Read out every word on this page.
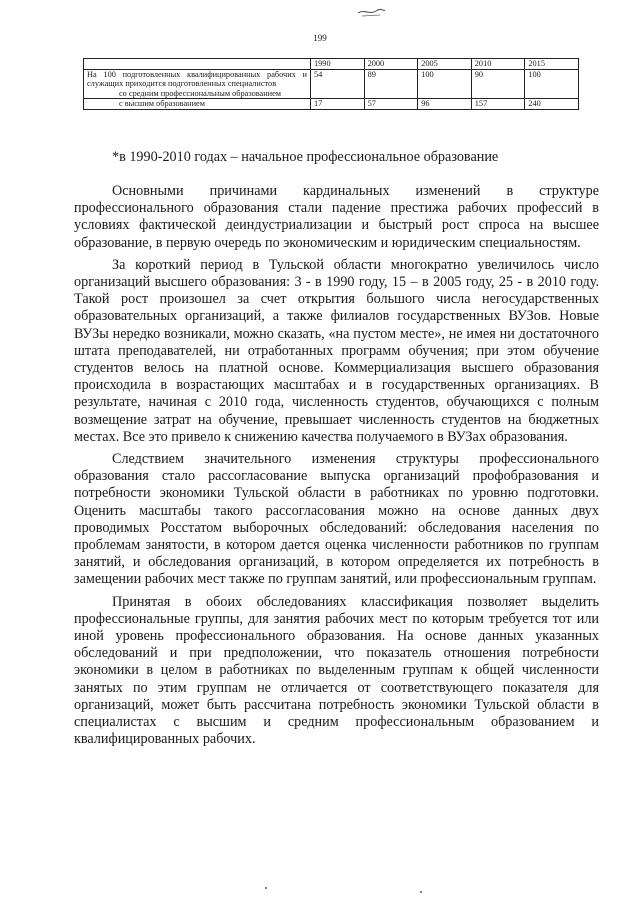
199
	1990	2000	2005	2010	2015

На 100 подготовленных квалифицированных рабочих и служащих приходится подготовленных специалистов
со средним профессиональным образованием	54	89	100	90	100

с высшим образованием	17	57	96	157	240
*в 1990-2010 годах – начальное профессиональное образование

Основными причинами кардинальных изменений в структуре профессионального образования стали падение престижа рабочих профессий в условиях фактической деиндустриализации и быстрый рост спроса на высшее образование, в первую очередь по экономическим и юридическим специальностям.

За короткий период в Тульской области многократно увеличилось число организаций высшего образования: 3 - в 1990 году, 15 – в 2005 году, 25 - в 2010 году. Такой рост произошел за счет открытия большого числа негосударственных образовательных организаций, а также филиалов государственных ВУЗов. Новые ВУЗы нередко возникали, можно сказать, «на пустом месте», не имея ни достаточного штата преподавателей, ни отработанных программ обучения; при этом обучение студентов велось на платной основе. Коммерциализация высшего образования происходила в возрастающих масштабах и в государственных организациях. В результате, начиная с 2010 года, численность студентов, обучающихся с полным возмещение затрат на обучение, превышает численность студентов на бюджетных местах. Все это привело к снижению качества получаемого в ВУЗах образования.

Следствием значительного изменения структуры профессионального образования стало рассогласование выпуска организаций профобразования и потребности экономики Тульской области в работниках по уровню подготовки. Оценить масштабы такого рассогласования можно на основе данных двух проводимых Росстатом выборочных обследований: обследования населения по проблемам занятости, в котором дается оценка численности работников по группам занятий, и обследования организаций, в котором определяется их потребность в замещении рабочих мест также по группам занятий, или профессиональным группам.

Принятая в обоих обследованиях классификация позволяет выделить профессиональные группы, для занятия рабочих мест по которым требуется тот или иной уровень профессионального образования. На основе данных указанных обследований и при предположении, что показатель отношения потребности экономики в целом в работниках по выделенным группам к общей численности занятых по этим группам не отличается от соответствующего показателя для организаций, может быть рассчитана потребность экономики Тульской области в специалистах с высшим и средним профессиональным образованием и квалифицированных рабочих.
